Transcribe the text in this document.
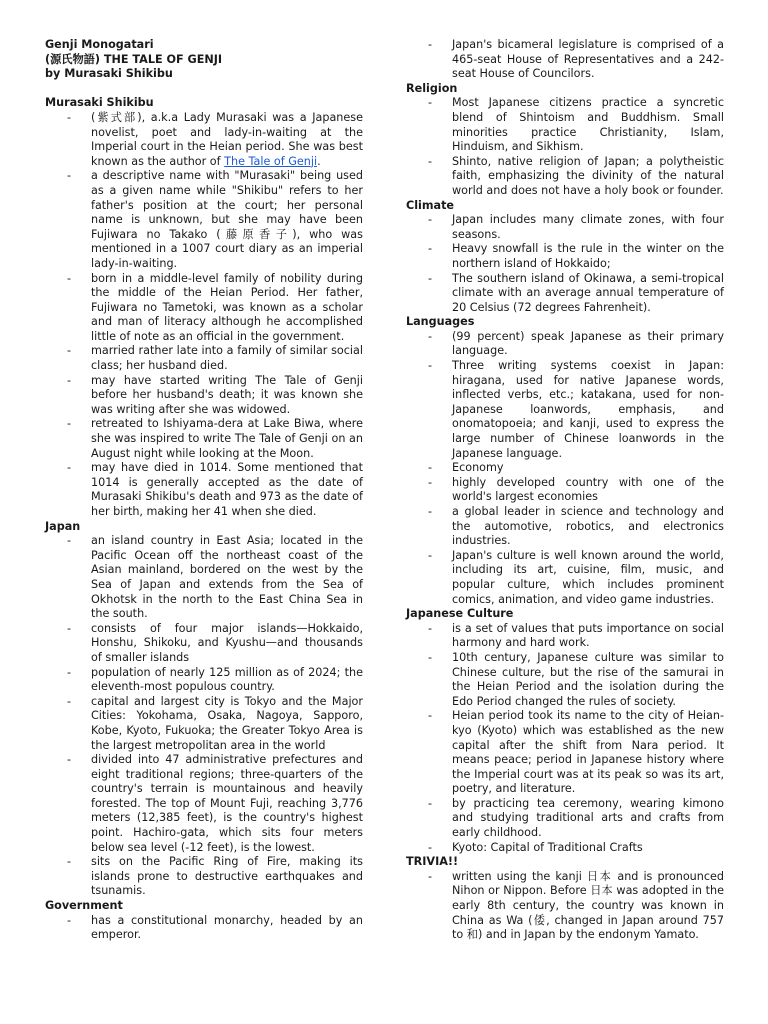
Genji Monogatari
(源氏物語) THE TALE OF GENJI
by Murasaki Shikibu
Murasaki Shikibu
- (紫式部), a.k.a Lady Murasaki was a Japanese novelist, poet and lady-in-waiting at the Imperial court in the Heian period. She was best known as the author of The Tale of Genji.
- a descriptive name with "Murasaki" being used as a given name while "Shikibu" refers to her father's position at the court; her personal name is unknown, but she may have been Fujiwara no Takako (藤原香子), who was mentioned in a 1007 court diary as an imperial lady-in-waiting.
- born in a middle-level family of nobility during the middle of the Heian Period. Her father, Fujiwara no Tametoki, was known as a scholar and man of literacy although he accomplished little of note as an official in the government.
- married rather late into a family of similar social class; her husband died.
- may have started writing The Tale of Genji before her husband's death; it was known she was writing after she was widowed.
- retreated to Ishiyama-dera at Lake Biwa, where she was inspired to write The Tale of Genji on an August night while looking at the Moon.
- may have died in 1014. Some mentioned that 1014 is generally accepted as the date of Murasaki Shikibu's death and 973 as the date of her birth, making her 41 when she died.
Japan
- an island country in East Asia; located in the Pacific Ocean off the northeast coast of the Asian mainland, bordered on the west by the Sea of Japan and extends from the Sea of Okhotsk in the north to the East China Sea in the south.
- consists of four major islands—Hokkaido, Honshu, Shikoku, and Kyushu—and thousands of smaller islands
- population of nearly 125 million as of 2024; the eleventh-most populous country.
- capital and largest city is Tokyo and the Major Cities: Yokohama, Osaka, Nagoya, Sapporo, Kobe, Kyoto, Fukuoka; the Greater Tokyo Area is the largest metropolitan area in the world
- divided into 47 administrative prefectures and eight traditional regions; three-quarters of the country's terrain is mountainous and heavily forested. The top of Mount Fuji, reaching 3,776 meters (12,385 feet), is the country's highest point. Hachiro-gata, which sits four meters below sea level (-12 feet), is the lowest.
- sits on the Pacific Ring of Fire, making its islands prone to destructive earthquakes and tsunamis.
Government
- has a constitutional monarchy, headed by an emperor.
- Japan's bicameral legislature is comprised of a 465-seat House of Representatives and a 242-seat House of Councilors.
Religion
- Most Japanese citizens practice a syncretic blend of Shintoism and Buddhism. Small minorities practice Christianity, Islam, Hinduism, and Sikhism.
- Shinto, native religion of Japan; a polytheistic faith, emphasizing the divinity of the natural world and does not have a holy book or founder.
Climate
- Japan includes many climate zones, with four seasons.
- Heavy snowfall is the rule in the winter on the northern island of Hokkaido;
- The southern island of Okinawa, a semi-tropical climate with an average annual temperature of 20 Celsius (72 degrees Fahrenheit).
Languages
- (99 percent) speak Japanese as their primary language.
- Three writing systems coexist in Japan: hiragana, used for native Japanese words, inflected verbs, etc.; katakana, used for non-Japanese loanwords, emphasis, and onomatopoeia; and kanji, used to express the large number of Chinese loanwords in the Japanese language.
- Economy
- highly developed country with one of the world's largest economies
- a global leader in science and technology and the automotive, robotics, and electronics industries.
- Japan's culture is well known around the world, including its art, cuisine, film, music, and popular culture, which includes prominent comics, animation, and video game industries.
Japanese Culture
- is a set of values that puts importance on social harmony and hard work.
- 10th century, Japanese culture was similar to Chinese culture, but the rise of the samurai in the Heian Period and the isolation during the Edo Period changed the rules of society.
- Heian period took its name to the city of Heian-kyo (Kyoto) which was established as the new capital after the shift from Nara period. It means peace; period in Japanese history where the Imperial court was at its peak so was its art, poetry, and literature.
- by practicing tea ceremony, wearing kimono and studying traditional arts and crafts from early childhood.
- Kyoto: Capital of Traditional Crafts
TRIVIA!!
- written using the kanji 日本 and is pronounced Nihon or Nippon. Before 日本 was adopted in the early 8th century, the country was known in China as Wa (倭, changed in Japan around 757 to 和) and in Japan by the endonym Yamato.
